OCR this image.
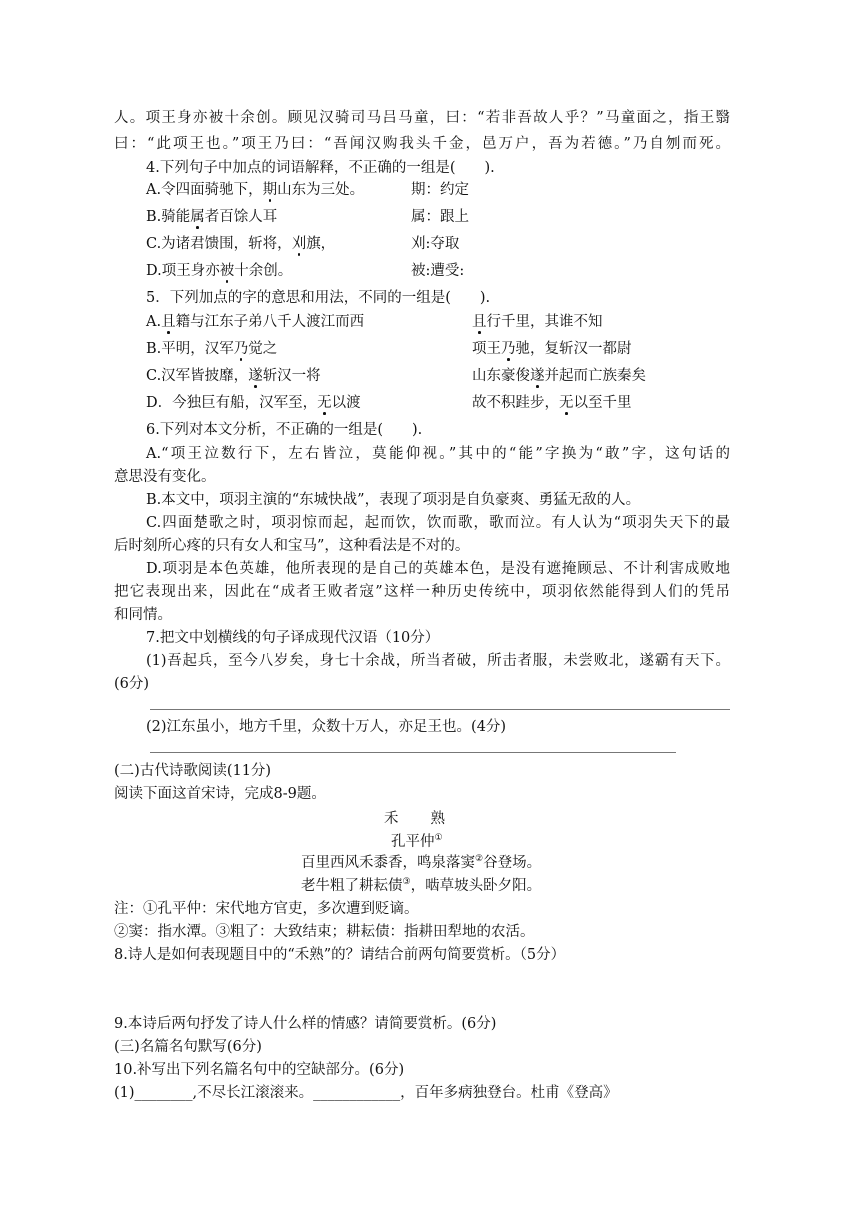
人。项王身亦被十余创。顾见汉骑司马吕马童，曰：“若非吾故人乎？”马童面之，指王翳
曰：“此项王也。”项王乃曰：“吾闻汉购我头千金，邑万户，吾为若德。”乃自刎而死。
4.下列句子中加点的词语解释，不正确的一组是(　　).
A.令四面骑驰下，期山东为三处。	期：约定
B.骑能属者百馀人耳	属：跟上
C.为诸君馈围，斩将，刈旗，	刈:夺取
D.项王身亦被十余创。	被:遭受:
5．下列加点的字的意思和用法，不同的一组是(　　).
A.且籍与江东子弟八千人渡江而西	且行千里，其谁不知
B.平明，汉军乃觉之	项王乃驰，复斩汉一都尉
C.汉军皆披靡，遂斩汉一将	山东豪俊遂并起而亡族秦矣
D．今独巨有船，汉军至，无以渡	故不积跬步，无以至千里
6.下列对本文分析，不正确的一组是(　　).
A.“项王泣数行下，左右皆泣，莫能仰视。”其中的“能”字换为“敢”字，这句话的
意思没有变化。
B.本文中，项羽主演的“东城快战”，表现了项羽是自负豪爽、勇猛无敌的人。
C.四面楚歌之时，项羽惊而起，起而饮，饮而歌，歌而泣。有人认为“项羽失天下的最
后时刻所心疼的只有女人和宝马”，这种看法是不对的。
D.项羽是本色英雄，他所表现的是自己的英雄本色，是没有遮掩顾忌、不计利害成败地
把它表现出来，因此在“成者王败者寇”这样一种历史传统中，项羽依然能得到人们的凭吊
和同情。
7.把文中划横线的句子译成现代汉语（10分）
(1)吾起兵，至今八岁矣，身七十余战，所当者破，所击者服，未尝败北，遂霸有天下。
(6分)
(2)江东虽小，地方千里，众数十万人，亦足王也。(4分)
(二)古代诗歌阅读(11分)
阅读下面这首宋诗，完成8-9题。
禾　　熟
孔平仲①
百里西风禾黍香，鸣泉落窦②谷登场。
老牛粗了耕耘债③，啮草坡头卧夕阳。
注：①孔平仲：宋代地方官吏，多次遭到贬谪。
②窦：指水潭。③粗了：大致结束；耕耘债：指耕田犁地的农活。
8.诗人是如何表现题目中的“禾熟”的？请结合前两句简要赏析。（5分）
9.本诗后两句抒发了诗人什么样的情感？请简要赏析。(6分)
(三)名篇名句默写(6分)
10.补写出下列名篇名句中的空缺部分。(6分)
(1)________,不尽长江滚滚来。____________，百年多病独登台。杜甫《登高》
